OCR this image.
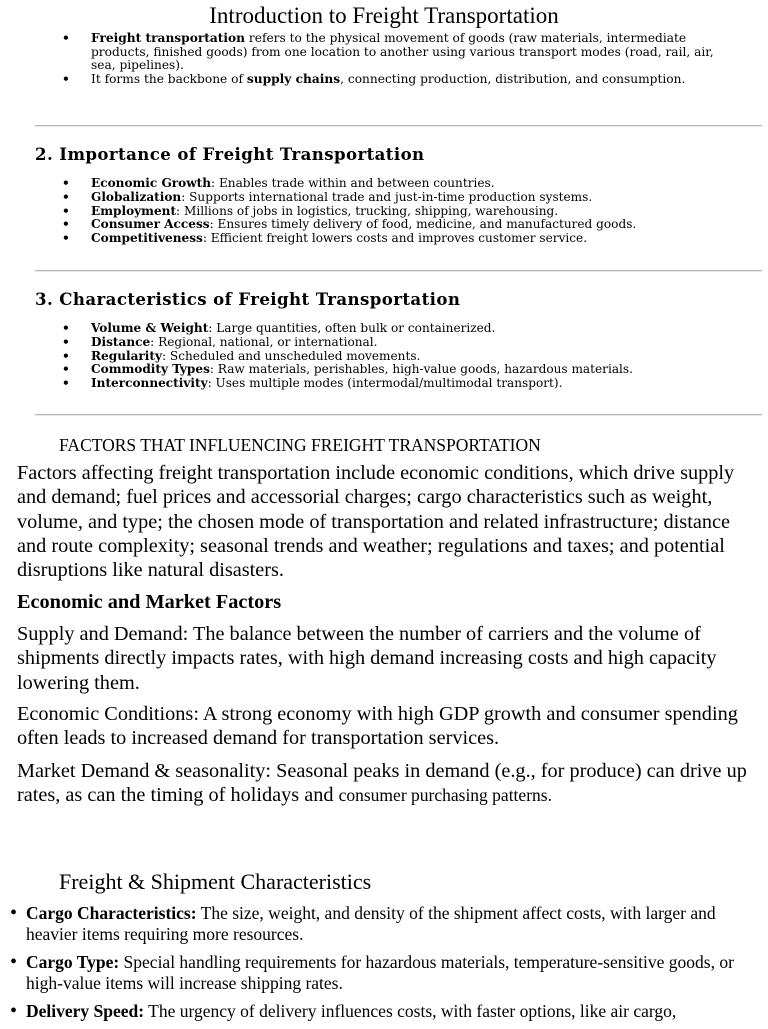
Introduction to Freight Transportation
• Freight transportation refers to the physical movement of goods (raw materials, intermediate products, finished goods) from one location to another using various transport modes (road, rail, air, sea, pipelines).
• It forms the backbone of supply chains, connecting production, distribution, and consumption.
2. Importance of Freight Transportation
• Economic Growth: Enables trade within and between countries.
• Globalization: Supports international trade and just-in-time production systems.
• Employment: Millions of jobs in logistics, trucking, shipping, warehousing.
• Consumer Access: Ensures timely delivery of food, medicine, and manufactured goods.
• Competitiveness: Efficient freight lowers costs and improves customer service.
3. Characteristics of Freight Transportation
• Volume & Weight: Large quantities, often bulk or containerized.
• Distance: Regional, national, or international.
• Regularity: Scheduled and unscheduled movements.
• Commodity Types: Raw materials, perishables, high-value goods, hazardous materials.
• Interconnectivity: Uses multiple modes (intermodal/multimodal transport).
FACTORS THAT INFLUENCING FREIGHT TRANSPORTATION

Factors affecting freight transportation include economic conditions, which drive supply and demand; fuel prices and accessorial charges; cargo characteristics such as weight, volume, and type; the chosen mode of transportation and related infrastructure; distance and route complexity; seasonal trends and weather; regulations and taxes; and potential disruptions like natural disasters.

Economic and Market Factors

Supply and Demand: The balance between the number of carriers and the volume of shipments directly impacts rates, with high demand increasing costs and high capacity lowering them.

Economic Conditions: A strong economy with high GDP growth and consumer spending often leads to increased demand for transportation services.

Market Demand & seasonality: Seasonal peaks in demand (e.g., for produce) can drive up rates, as can the timing of holidays and consumer purchasing patterns.

Freight & Shipment Characteristics
• Cargo Characteristics: The size, weight, and density of the shipment affect costs, with larger and heavier items requiring more resources.
• Cargo Type: Special handling requirements for hazardous materials, temperature-sensitive goods, or high-value items will increase shipping rates.
• Delivery Speed: The urgency of delivery influences costs, with faster options, like air cargo,
